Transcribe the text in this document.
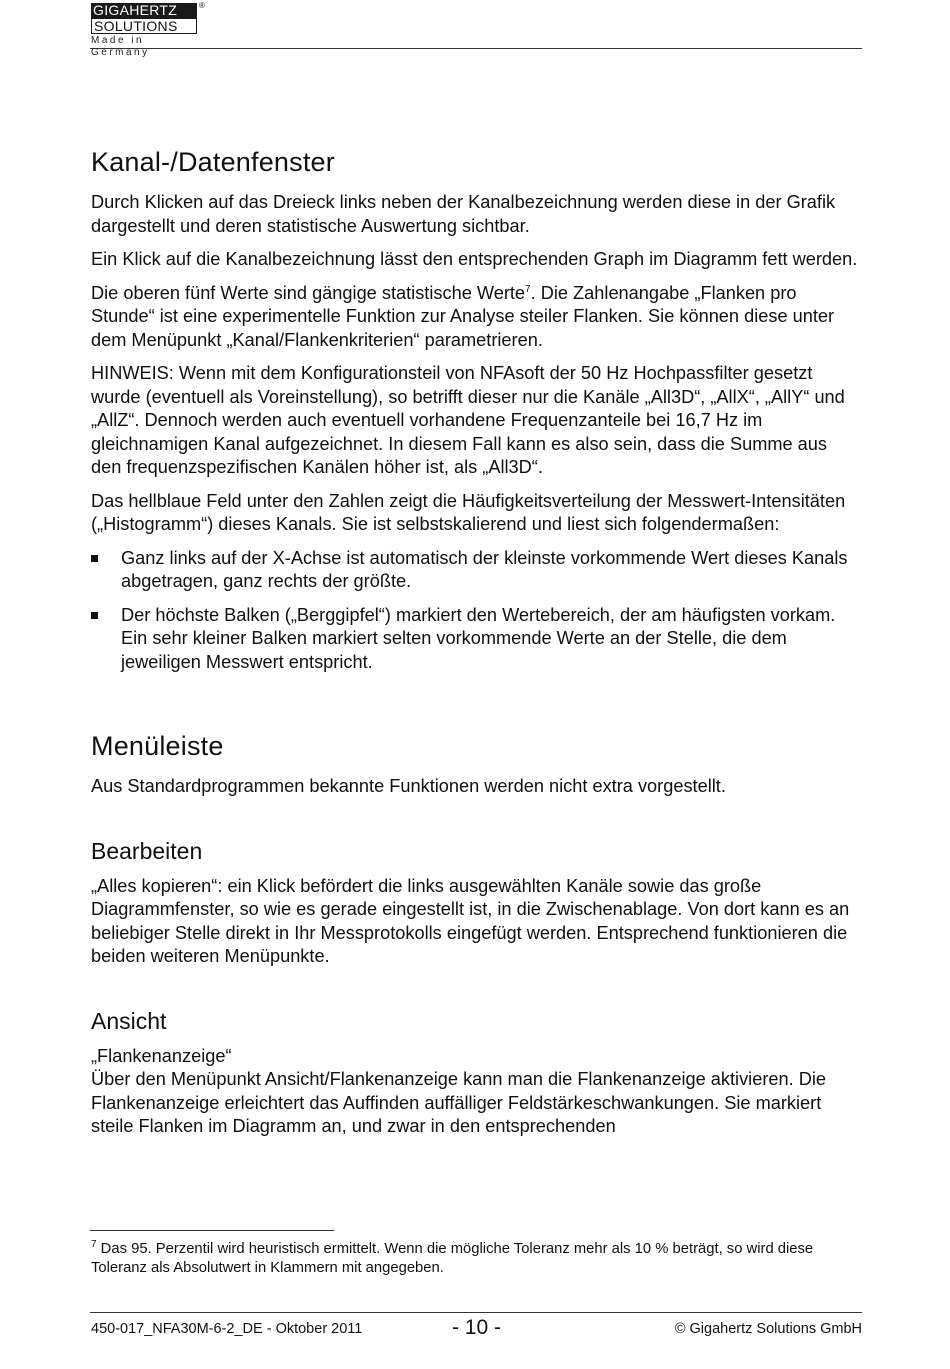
GIGAHERTZ
SOLUTIONS
®
Made in Germany
Kanal-/Datenfenster

Durch Klicken auf das Dreieck links neben der Kanalbezeichnung werden diese in der Grafik dargestellt und deren statistische Auswertung sichtbar.

Ein Klick auf die Kanalbezeichnung lässt den entsprechenden Graph im Diagramm fett werden.

Die oberen fünf Werte sind gängige statistische Werte$^7$. Die Zahlenangabe „Flanken pro Stunde“ ist eine experimentelle Funktion zur Analyse steiler Flanken. Sie können diese unter dem Menüpunkt „Kanal/Flankenkriterien“ parametrieren.

HINWEIS: Wenn mit dem Konfigurationsteil von NFAsoft der 50 Hz Hochpassfilter gesetzt wurde (eventuell als Voreinstellung), so betrifft dieser nur die Kanäle „All3D“, „AllX“, „AllY“ und „AllZ“. Dennoch werden auch eventuell vorhandene Frequenzanteile bei 16,7 Hz im gleichnamigen Kanal aufgezeichnet. In diesem Fall kann es also sein, dass die Summe aus den frequenzspezifischen Kanälen höher ist, als „All3D“.

Das hellblaue Feld unter den Zahlen zeigt die Häufigkeitsverteilung der Messwert-Intensitäten („Histogramm“) dieses Kanals. Sie ist selbstskalierend und liest sich folgendermaßen:

Ganz links auf der X-Achse ist automatisch der kleinste vorkommende Wert dieses Kanals abgetragen, ganz rechts der größte.
Der höchste Balken („Berggipfel“) markiert den Wertebereich, der am häufigsten vorkam. Ein sehr kleiner Balken markiert selten vorkommende Werte an der Stelle, die dem jeweiligen Messwert entspricht.
Menüleiste

Aus Standardprogrammen bekannte Funktionen werden nicht extra vorgestellt.

Bearbeiten

„Alles kopieren“: ein Klick befördert die links ausgewählten Kanäle sowie das große Diagrammfenster, so wie es gerade eingestellt ist, in die Zwischenablage. Von dort kann es an beliebiger Stelle direkt in Ihr Messprotokolls eingefügt werden. Entsprechend funktionieren die beiden weiteren Menüpunkte.

Ansicht

„Flankenanzeige“

Über den Menüpunkt Ansicht/Flankenanzeige kann man die Flankenanzeige aktivieren. Die Flankenanzeige erleichtert das Auffinden auffälliger Feldstärkeschwankungen. Sie markiert steile Flanken im Diagramm an, und zwar in den entsprechenden

$^7$ Das 95. Perzentil wird heuristisch ermittelt. Wenn die mögliche Toleranz mehr als 10 % beträgt, so wird diese Toleranz als Absolutwert in Klammern mit angegeben.
450-017_NFA30M-6-2_DE - Oktober 2011	- 10 -	© Gigahertz Solutions GmbH
